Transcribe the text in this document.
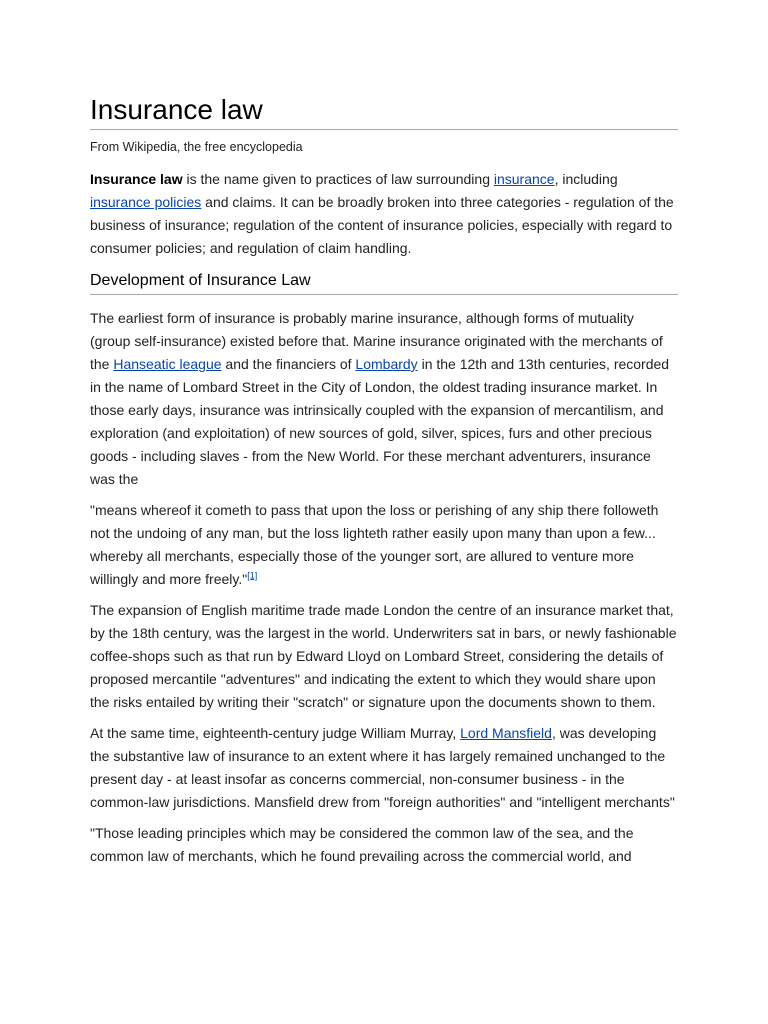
Insurance law
From Wikipedia, the free encyclopedia

Insurance law is the name given to practices of law surrounding insurance, including insurance policies and claims. It can be broadly broken into three categories - regulation of the business of insurance; regulation of the content of insurance policies, especially with regard to consumer policies; and regulation of claim handling.

Development of Insurance Law

The earliest form of insurance is probably marine insurance, although forms of mutuality (group self-insurance) existed before that. Marine insurance originated with the merchants of the Hanseatic league and the financiers of Lombardy in the 12th and 13th centuries, recorded in the name of Lombard Street in the City of London, the oldest trading insurance market. In those early days, insurance was intrinsically coupled with the expansion of mercantilism, and exploration (and exploitation) of new sources of gold, silver, spices, furs and other precious goods - including slaves - from the New World. For these merchant adventurers, insurance was the

"means whereof it cometh to pass that upon the loss or perishing of any ship there followeth not the undoing of any man, but the loss lighteth rather easily upon many than upon a few... whereby all merchants, especially those of the younger sort, are allured to venture more willingly and more freely."[1]

The expansion of English maritime trade made London the centre of an insurance market that, by the 18th century, was the largest in the world. Underwriters sat in bars, or newly fashionable coffee-shops such as that run by Edward Lloyd on Lombard Street, considering the details of proposed mercantile "adventures" and indicating the extent to which they would share upon the risks entailed by writing their "scratch" or signature upon the documents shown to them.

At the same time, eighteenth-century judge William Murray, Lord Mansfield, was developing the substantive law of insurance to an extent where it has largely remained unchanged to the present day - at least insofar as concerns commercial, non-consumer business - in the common-law jurisdictions. Mansfield drew from "foreign authorities" and "intelligent merchants"

"Those leading principles which may be considered the common law of the sea, and the common law of merchants, which he found prevailing across the commercial world, and
